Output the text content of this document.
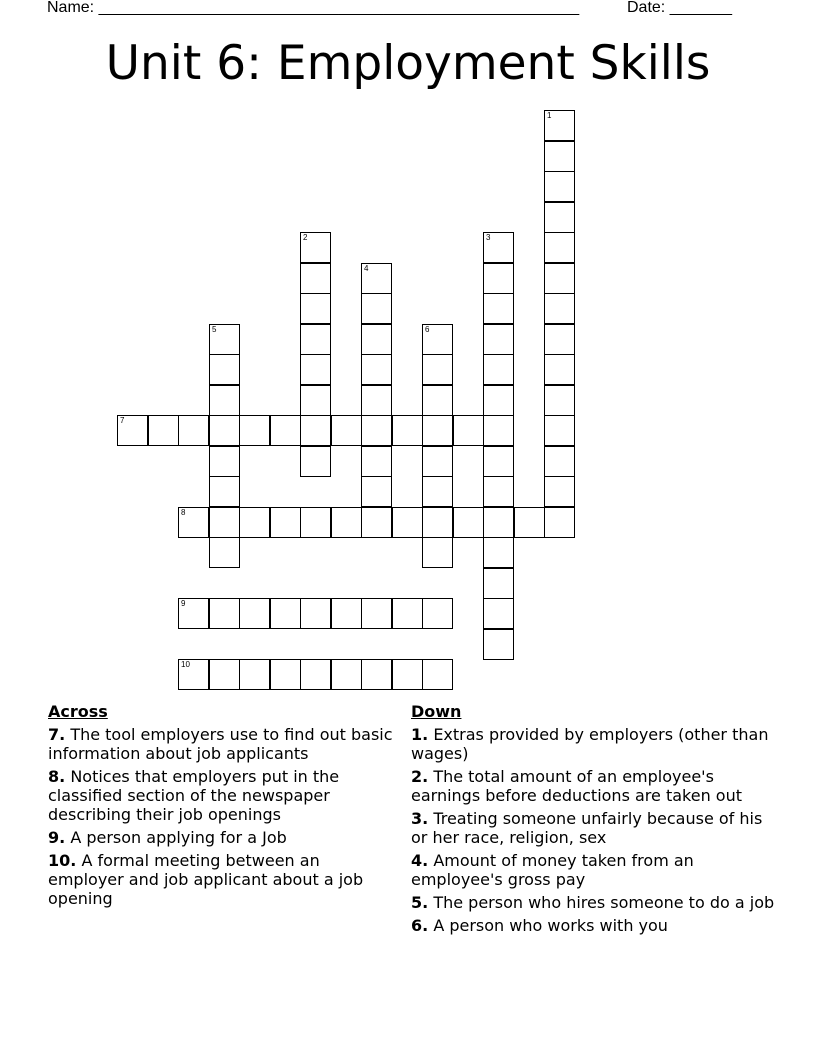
Name: ______________________________________________________	Date: _______
Unit 6: Employment Skills
1
2	3
4
5	6
7
8
9
10
Across
7. The tool employers use to find out basic information about job applicants
8. Notices that employers put in the classified section of the newspaper describing their job openings
9. A person applying for a Job
10. A formal meeting between an employer and job applicant about a job opening
Down
1. Extras provided by employers (other than wages)
2. The total amount of an employee's earnings before deductions are taken out
3. Treating someone unfairly because of his or her race, religion, sex
4. Amount of money taken from an employee's gross pay
5. The person who hires someone to do a job
6. A person who works with you
